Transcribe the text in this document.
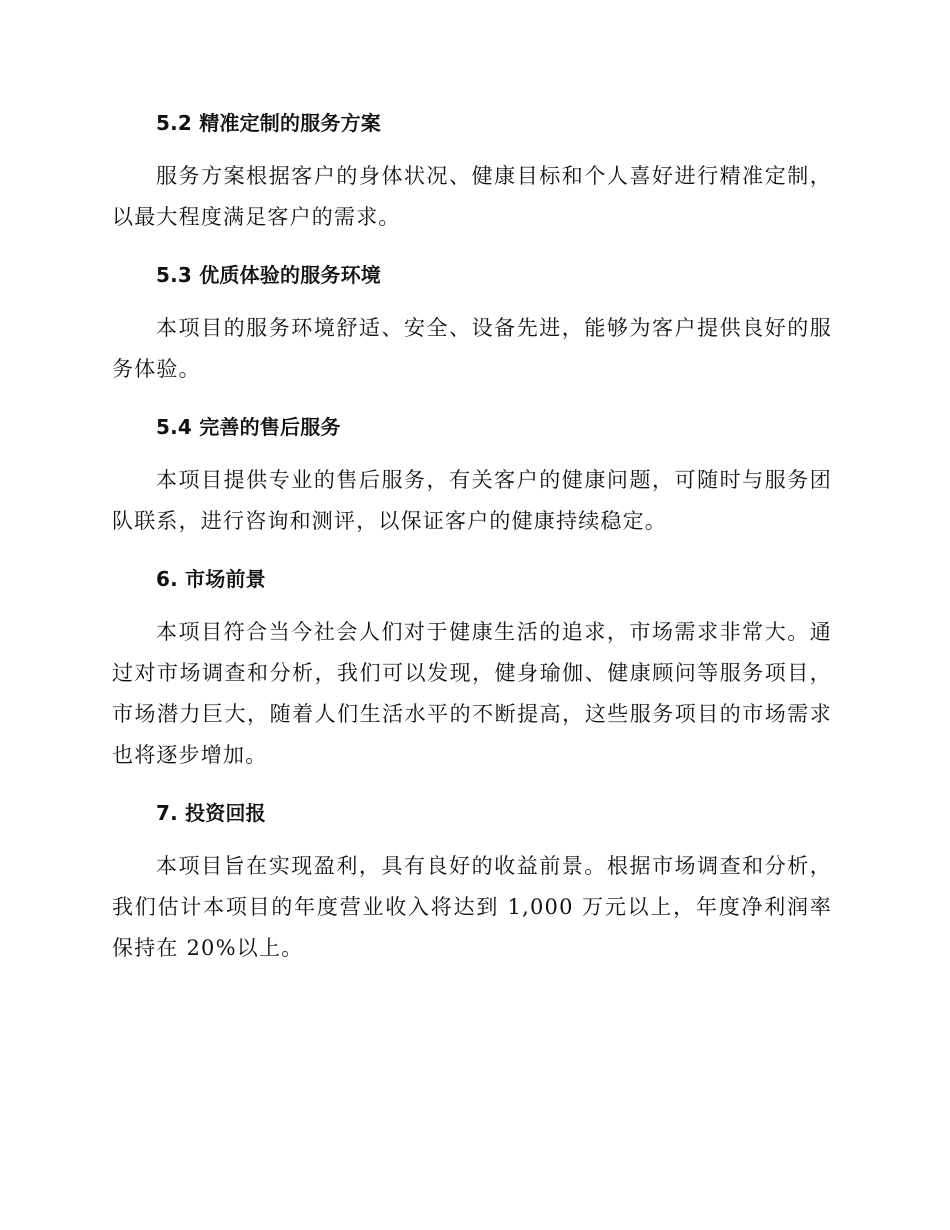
5.2 精准定制的服务方案

服务方案根据客户的身体状况、健康目标和个人喜好进行精准定制，以最大程度满足客户的需求。

5.3 优质体验的服务环境

本项目的服务环境舒适、安全、设备先进，能够为客户提供良好的服务体验。

5.4 完善的售后服务

本项目提供专业的售后服务，有关客户的健康问题，可随时与服务团队联系，进行咨询和测评，以保证客户的健康持续稳定。

6. 市场前景

本项目符合当今社会人们对于健康生活的追求，市场需求非常大。通过对市场调查和分析，我们可以发现，健身瑜伽、健康顾问等服务项目，市场潜力巨大，随着人们生活水平的不断提高，这些服务项目的市场需求也将逐步增加。

7. 投资回报

本项目旨在实现盈利，具有良好的收益前景。根据市场调查和分析，我们估计本项目的年度营业收入将达到 1,000 万元以上，年度净利润率保持在 20%以上。
